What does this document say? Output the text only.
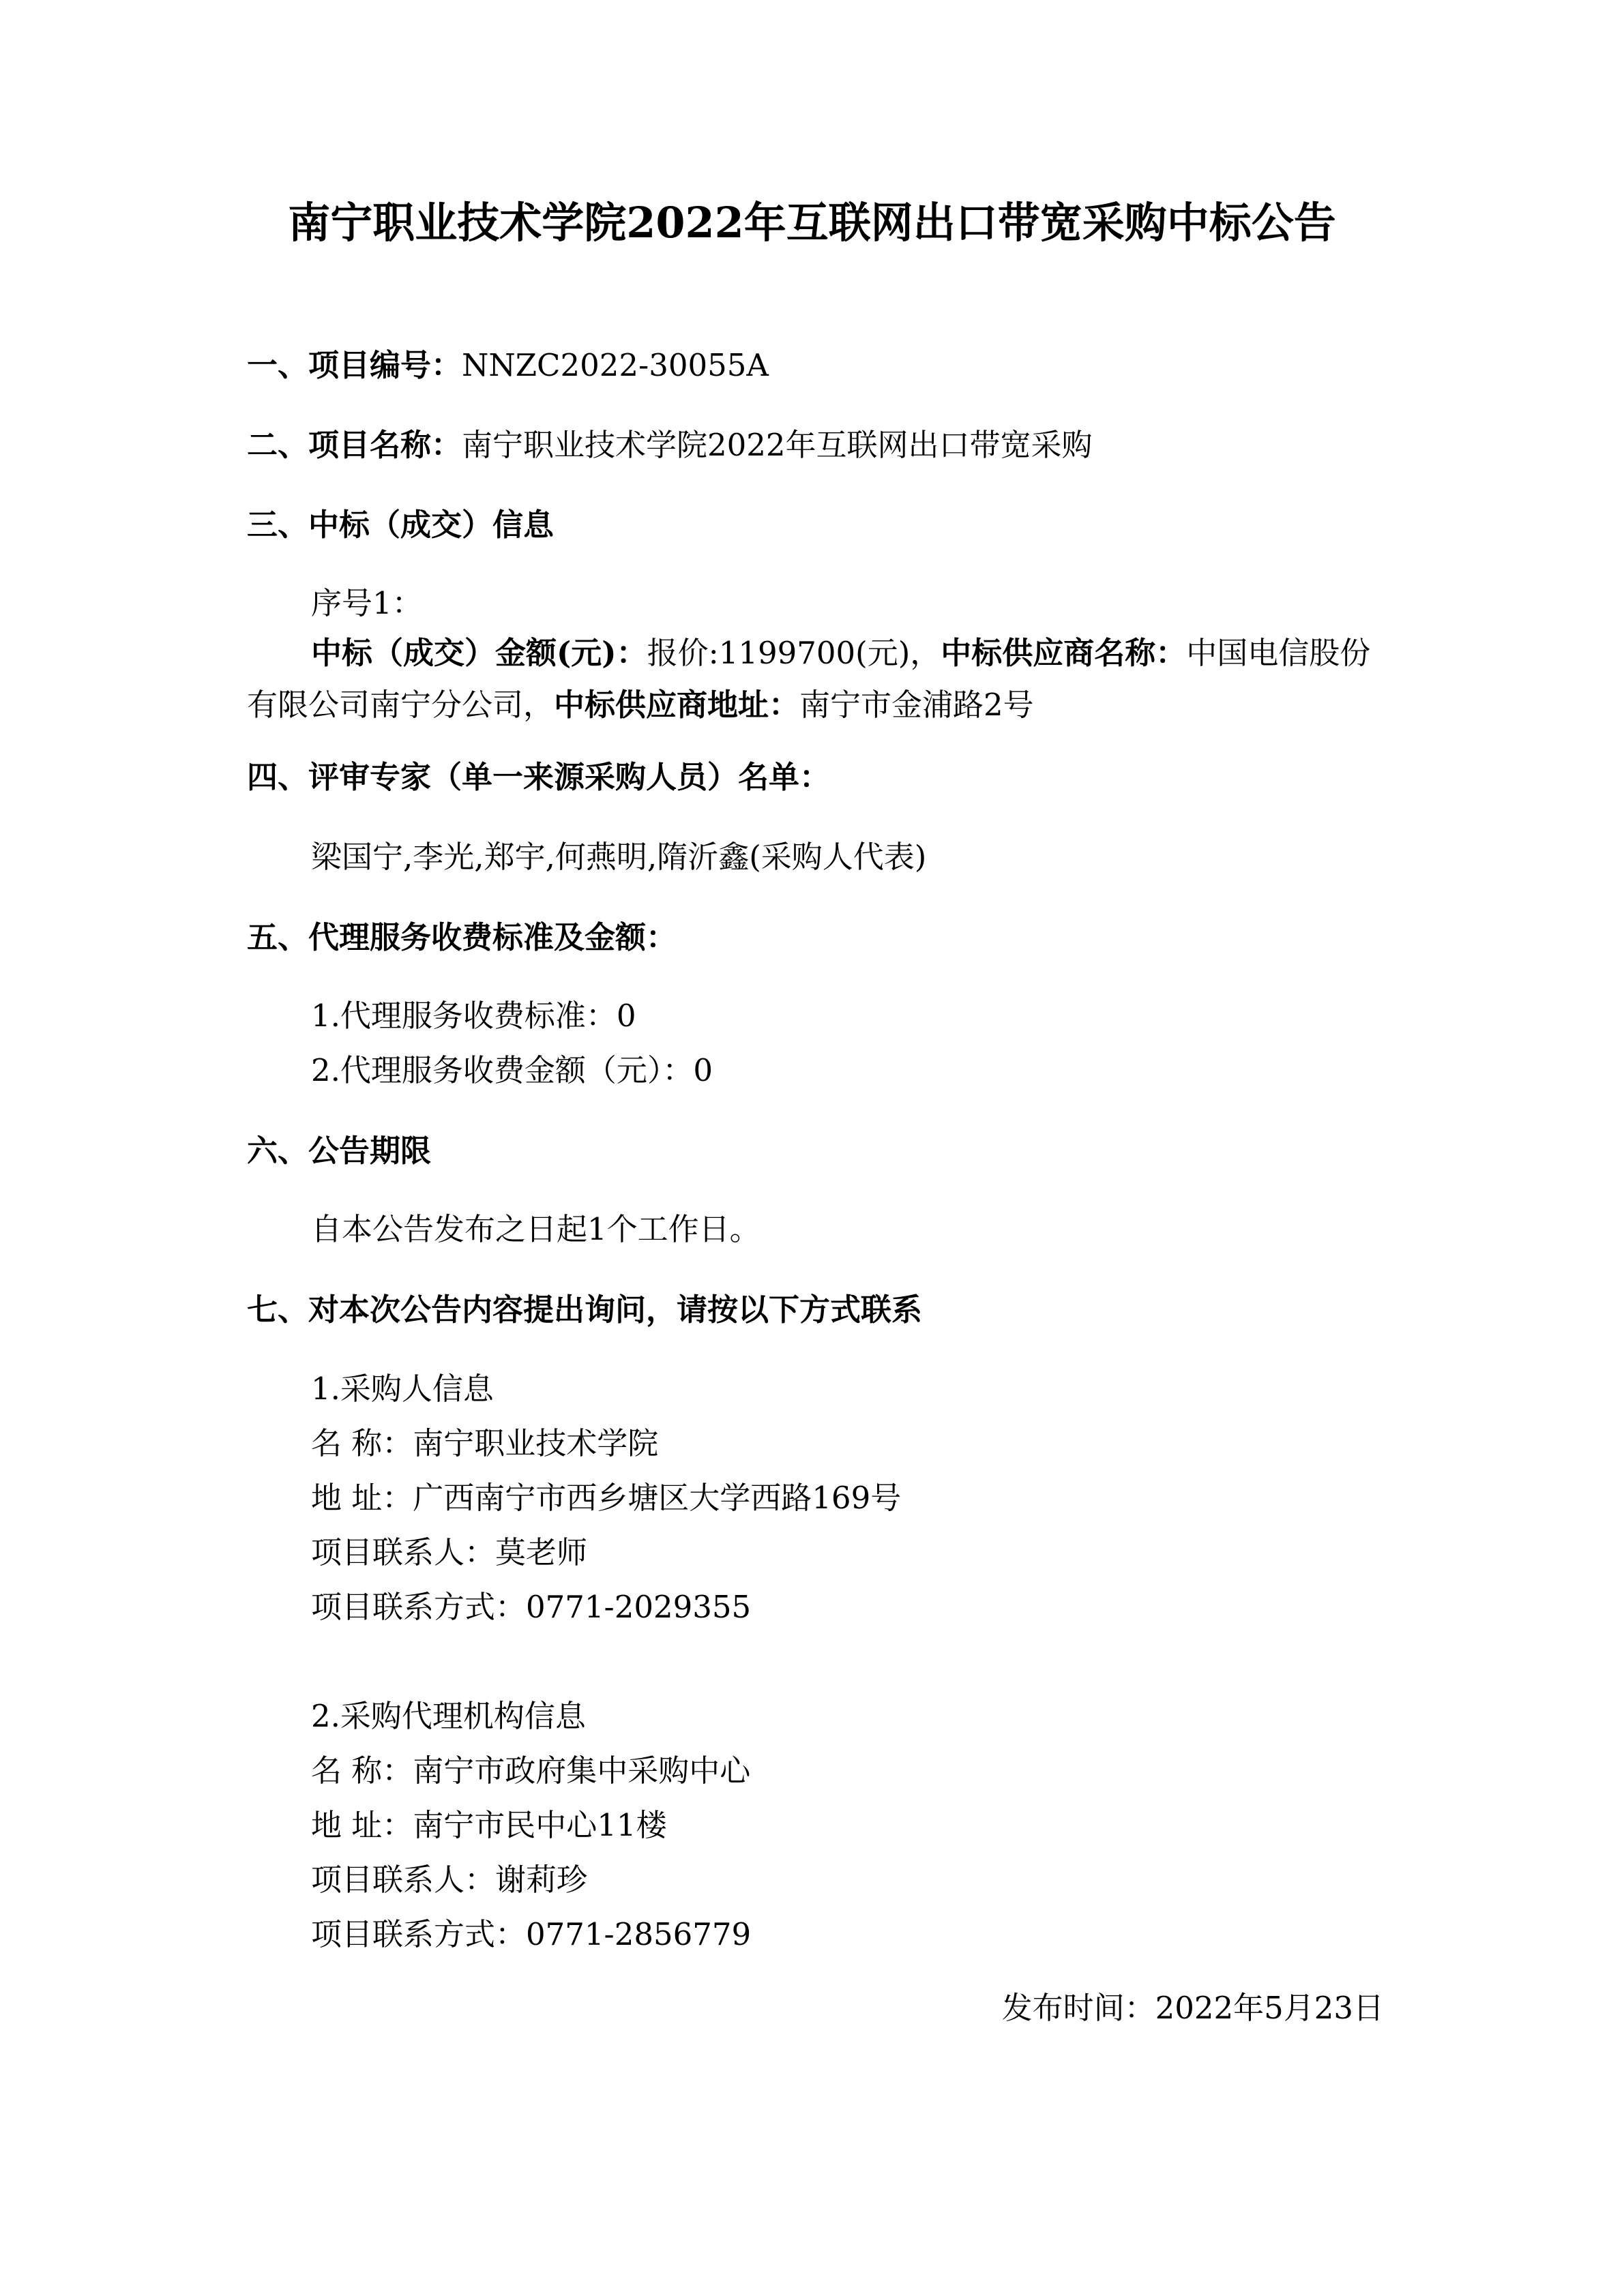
南宁职业技术学院2022年互联网出口带宽采购中标公告
一、项目编号：NNZC2022-30055A
二、项目名称：南宁职业技术学院2022年互联网出口带宽采购
三、中标（成交）信息
序号1：
中标（成交）金额(元)：报价:1199700(元)，中标供应商名称：中国电信股份有限公司南宁分公司，中标供应商地址：南宁市金浦路2号
四、评审专家（单一来源采购人员）名单：
梁国宁,李光,郑宇,何燕明,隋沂鑫(采购人代表)
五、代理服务收费标准及金额：
1.代理服务收费标准：0
2.代理服务收费金额（元）：0
六、公告期限
自本公告发布之日起1个工作日。
七、对本次公告内容提出询问，请按以下方式联系
1.采购人信息
名 称：南宁职业技术学院
地 址：广西南宁市西乡塘区大学西路169号
项目联系人：莫老师
项目联系方式：0771-2029355
2.采购代理机构信息
名 称：南宁市政府集中采购中心
地 址：南宁市民中心11楼
项目联系人：谢莉珍
项目联系方式：0771-2856779
发布时间：2022年5月23日
